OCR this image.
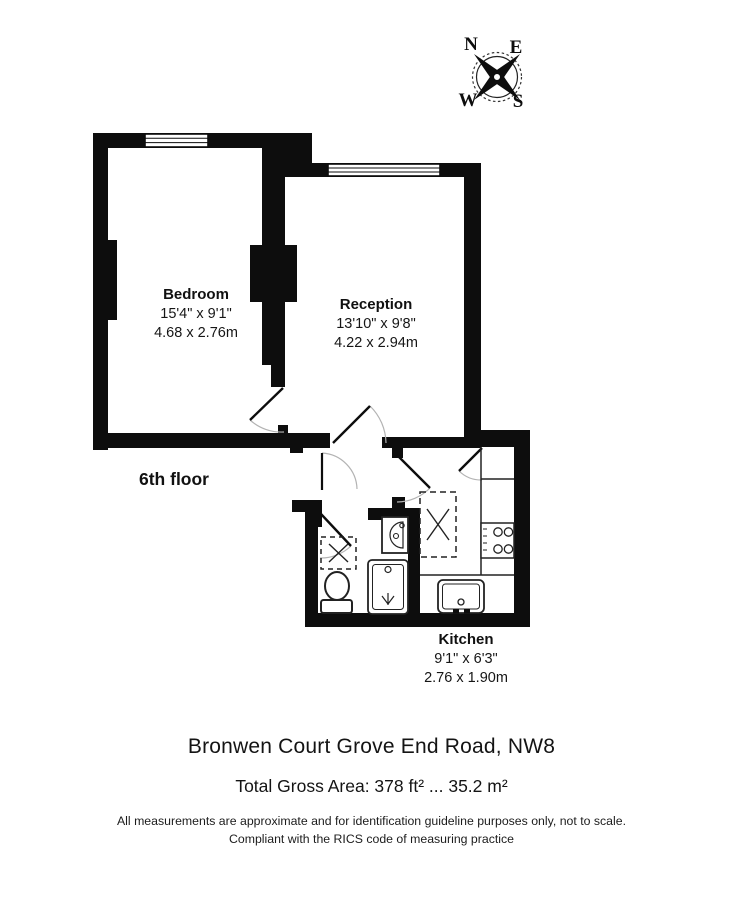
N E
W S
Bedroom
15'4" x 9'1"
4.68 x 2.76m
Reception
13'10" x 9'8"
4.22 x 2.94m
Kitchen
9'1" x 6'3"
2.76 x 1.90m
6th floor
Bronwen Court Grove End Road, NW8
Total Gross Area: 378 ft² ... 35.2 m²
All measurements are approximate and for identification guideline purposes only, not to scale.
Compliant with the RICS code of measuring practice
